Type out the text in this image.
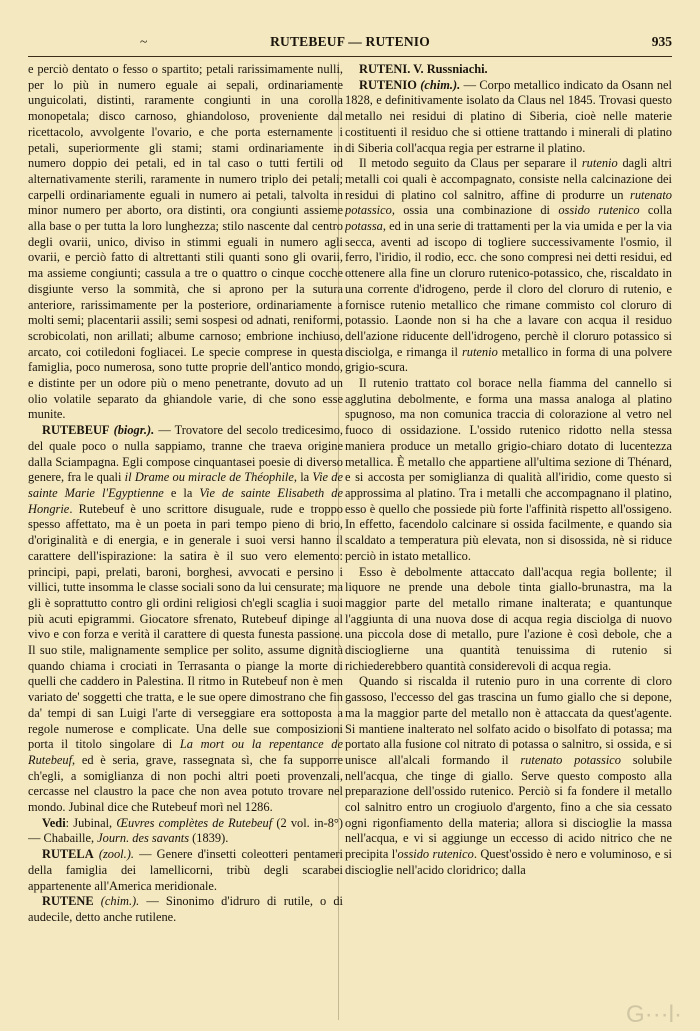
~	RUTEBEUF — RUTENIO	935

e perciò dentato o fesso o spartito; petali rarissimamente nulli, per lo più in numero eguale ai sepali, ordinariamente unguicolati, distinti, raramente congiunti in una corolla monopetala; disco carnoso, ghiandoloso, proveniente dal ricettacolo, avvolgente l'ovario, e che porta esternamente i petali, superiormente gli stami; stami ordinariamente in numero doppio dei petali, ed in tal caso o tutti fertili od alternativamente sterili, raramente in numero triplo dei petali; carpelli ordinariamente eguali in numero ai petali, talvolta in minor numero per aborto, ora distinti, ora congiunti assieme alla base o per tutta la loro lunghezza; stilo nascente dal centro degli ovarii, unico, diviso in stimmi eguali in numero agli ovarii, e perciò fatto di altrettanti stili quanti sono gli ovarii, ma assieme congiunti; cassula a tre o quattro o cinque cocche disgiunte verso la sommità, che si aprono per la sutura anteriore, rarissimamente per la posteriore, ordinariamente a molti semi; placentarii assili; semi sospesi od adnati, reniformi, scrobicolati, non arillati; albume carnoso; embrione inchiuso, arcato, coi cotiledoni fogliacei. Le specie comprese in questa famiglia, poco numerosa, sono tutte proprie dell'antico mondo, e distinte per un odore più o meno penetrante, dovuto ad un olio volatile separato da ghiandole varie, di che sono esse munite.

RUTEBEUF (biogr.). — Trovatore del secolo tredicesimo, del quale poco o nulla sappiamo, tranne che traeva origine dalla Sciampagna. Egli compose cinquantasei poesie di diverso genere, fra le quali il Drame ou miracle de Théophile, la Vie de sainte Marie l'Egyptienne e la Vie de sainte Elisabeth de Hongrie. Rutebeuf è uno scrittore disuguale, rude e troppo spesso affettato, ma è un poeta in pari tempo pieno di brio, d'originalità e di energia, e in generale i suoi versi hanno il carattere dell'ispirazione: la satira è il suo vero elemento: principi, papi, prelati, baroni, borghesi, avvocati e persino i villici, tutte insomma le classe sociali sono da lui censurate; ma gli è soprattutto contro gli ordini religiosi ch'egli scaglia i suoi più acuti epigrammi. Giocatore sfrenato, Rutebeuf dipinge al vivo e con forza e verità il carattere di questa funesta passione. Il suo stile, malignamente semplice per solito, assume dignità quando chiama i crociati in Terrasanta o piange la morte di quelli che caddero in Palestina. Il ritmo in Rutebeuf non è men variato de' soggetti che tratta, e le sue opere dimostrano che fin da' tempi di san Luigi l'arte di verseggiare era sottoposta a regole numerose e complicate. Una delle sue composizioni porta il titolo singolare di La mort ou la repentance de Rutebeuf, ed è seria, grave, rassegnata sì, che fa supporre ch'egli, a somiglianza di non pochi altri poeti provenzali, cercasse nel claustro la pace che non avea potuto trovare nel mondo. Jubinal dice che Rutebeuf morì nel 1286.

Vedi: Jubinal, Œuvres complètes de Rutebeuf (2 vol. in-8°) — Chabaille, Journ. des savants (1839).

RUTELA (zool.). — Genere d'insetti coleotteri pentameri della famiglia dei lamellicorni, tribù degli scarabei appartenente all'America meridionale.

RUTENE (chim.). — Sinonimo d'idruro di rutile, o di audecile, detto anche rutilene.

RUTENI. V. Russniachi.

RUTENIO (chim.). — Corpo metallico indicato da Osann nel 1828, e definitivamente isolato da Claus nel 1845. Trovasi questo metallo nei residui di platino di Siberia, cioè nelle materie costituenti il residuo che si ottiene trattando i minerali di platino di Siberia coll'acqua regia per estrarne il platino.

Il metodo seguito da Claus per separare il rutenio dagli altri metalli coi quali è accompagnato, consiste nella calcinazione dei residui di platino col salnitro, affine di produrre un rutenato potassico, ossia una combinazione di ossido rutenico colla potassa, ed in una serie di trattamenti per la via umida e per la via secca, aventi ad iscopo di togliere successivamente l'osmio, il ferro, l'iridio, il rodio, ecc. che sono compresi nei detti residui, ed ottenere alla fine un cloruro rutenico-potassico, che, riscaldato in una corrente d'idrogeno, perde il cloro del cloruro di rutenio, e fornisce rutenio metallico che rimane commisto col cloruro di potassio. Laonde non si ha che a lavare con acqua il residuo dell'azione riducente dell'idrogeno, perchè il cloruro potassico si disciolga, e rimanga il rutenio metallico in forma di una polvere grigio-scura.

Il rutenio trattato col borace nella fiamma del cannello si agglutina debolmente, e forma una massa analoga al platino spugnoso, ma non comunica traccia di colorazione al vetro nel fuoco di ossidazione. L'ossido rutenico ridotto nella stessa maniera produce un metallo grigio-chiaro dotato di lucentezza metallica. È metallo che appartiene all'ultima sezione di Thénard, e si accosta per somiglianza di qualità all'iridio, come questo si approssima al platino. Tra i metalli che accompagnano il platino, esso è quello che possiede più forte l'affinità rispetto all'ossigeno. In effetto, facendolo calcinare si ossida facilmente, e quando sia scaldato a temperatura più elevata, non si disossida, nè si riduce perciò in istato metallico.

Esso è debolmente attaccato dall'acqua regia bollente; il liquore ne prende una debole tinta giallo-brunastra, ma la maggior parte del metallo rimane inalterata; e quantunque l'aggiunta di una nuova dose di acqua regia disciolga di nuovo una piccola dose di metallo, pure l'azione è così debole, che a discioglierne una quantità tenuissima di rutenio si richiederebbero quantità considerevoli di acqua regia.

Quando si riscalda il rutenio puro in una corrente di cloro gassoso, l'eccesso del gas trascina un fumo giallo che si depone, ma la maggior parte del metallo non è attaccata da quest'agente. Si mantiene inalterato nel solfato acido o bisolfato di potassa; ma portato alla fusione col nitrato di potassa o salnitro, si ossida, e si unisce all'alcali formando il rutenato potassico solubile nell'acqua, che tinge di giallo. Serve questo composto alla preparazione dell'ossido rutenico. Perciò si fa fondere il metallo col salnitro entro un crogiuolo d'argento, fino a che sia cessato ogni rigonfiamento della materia; allora si discioglie la massa nell'acqua, e vi si aggiunge un eccesso di acido nitrico che ne precipita l'ossido rutenico. Quest'ossido è nero e voluminoso, e si discioglie nell'acido cloridrico; dalla

G···l·
